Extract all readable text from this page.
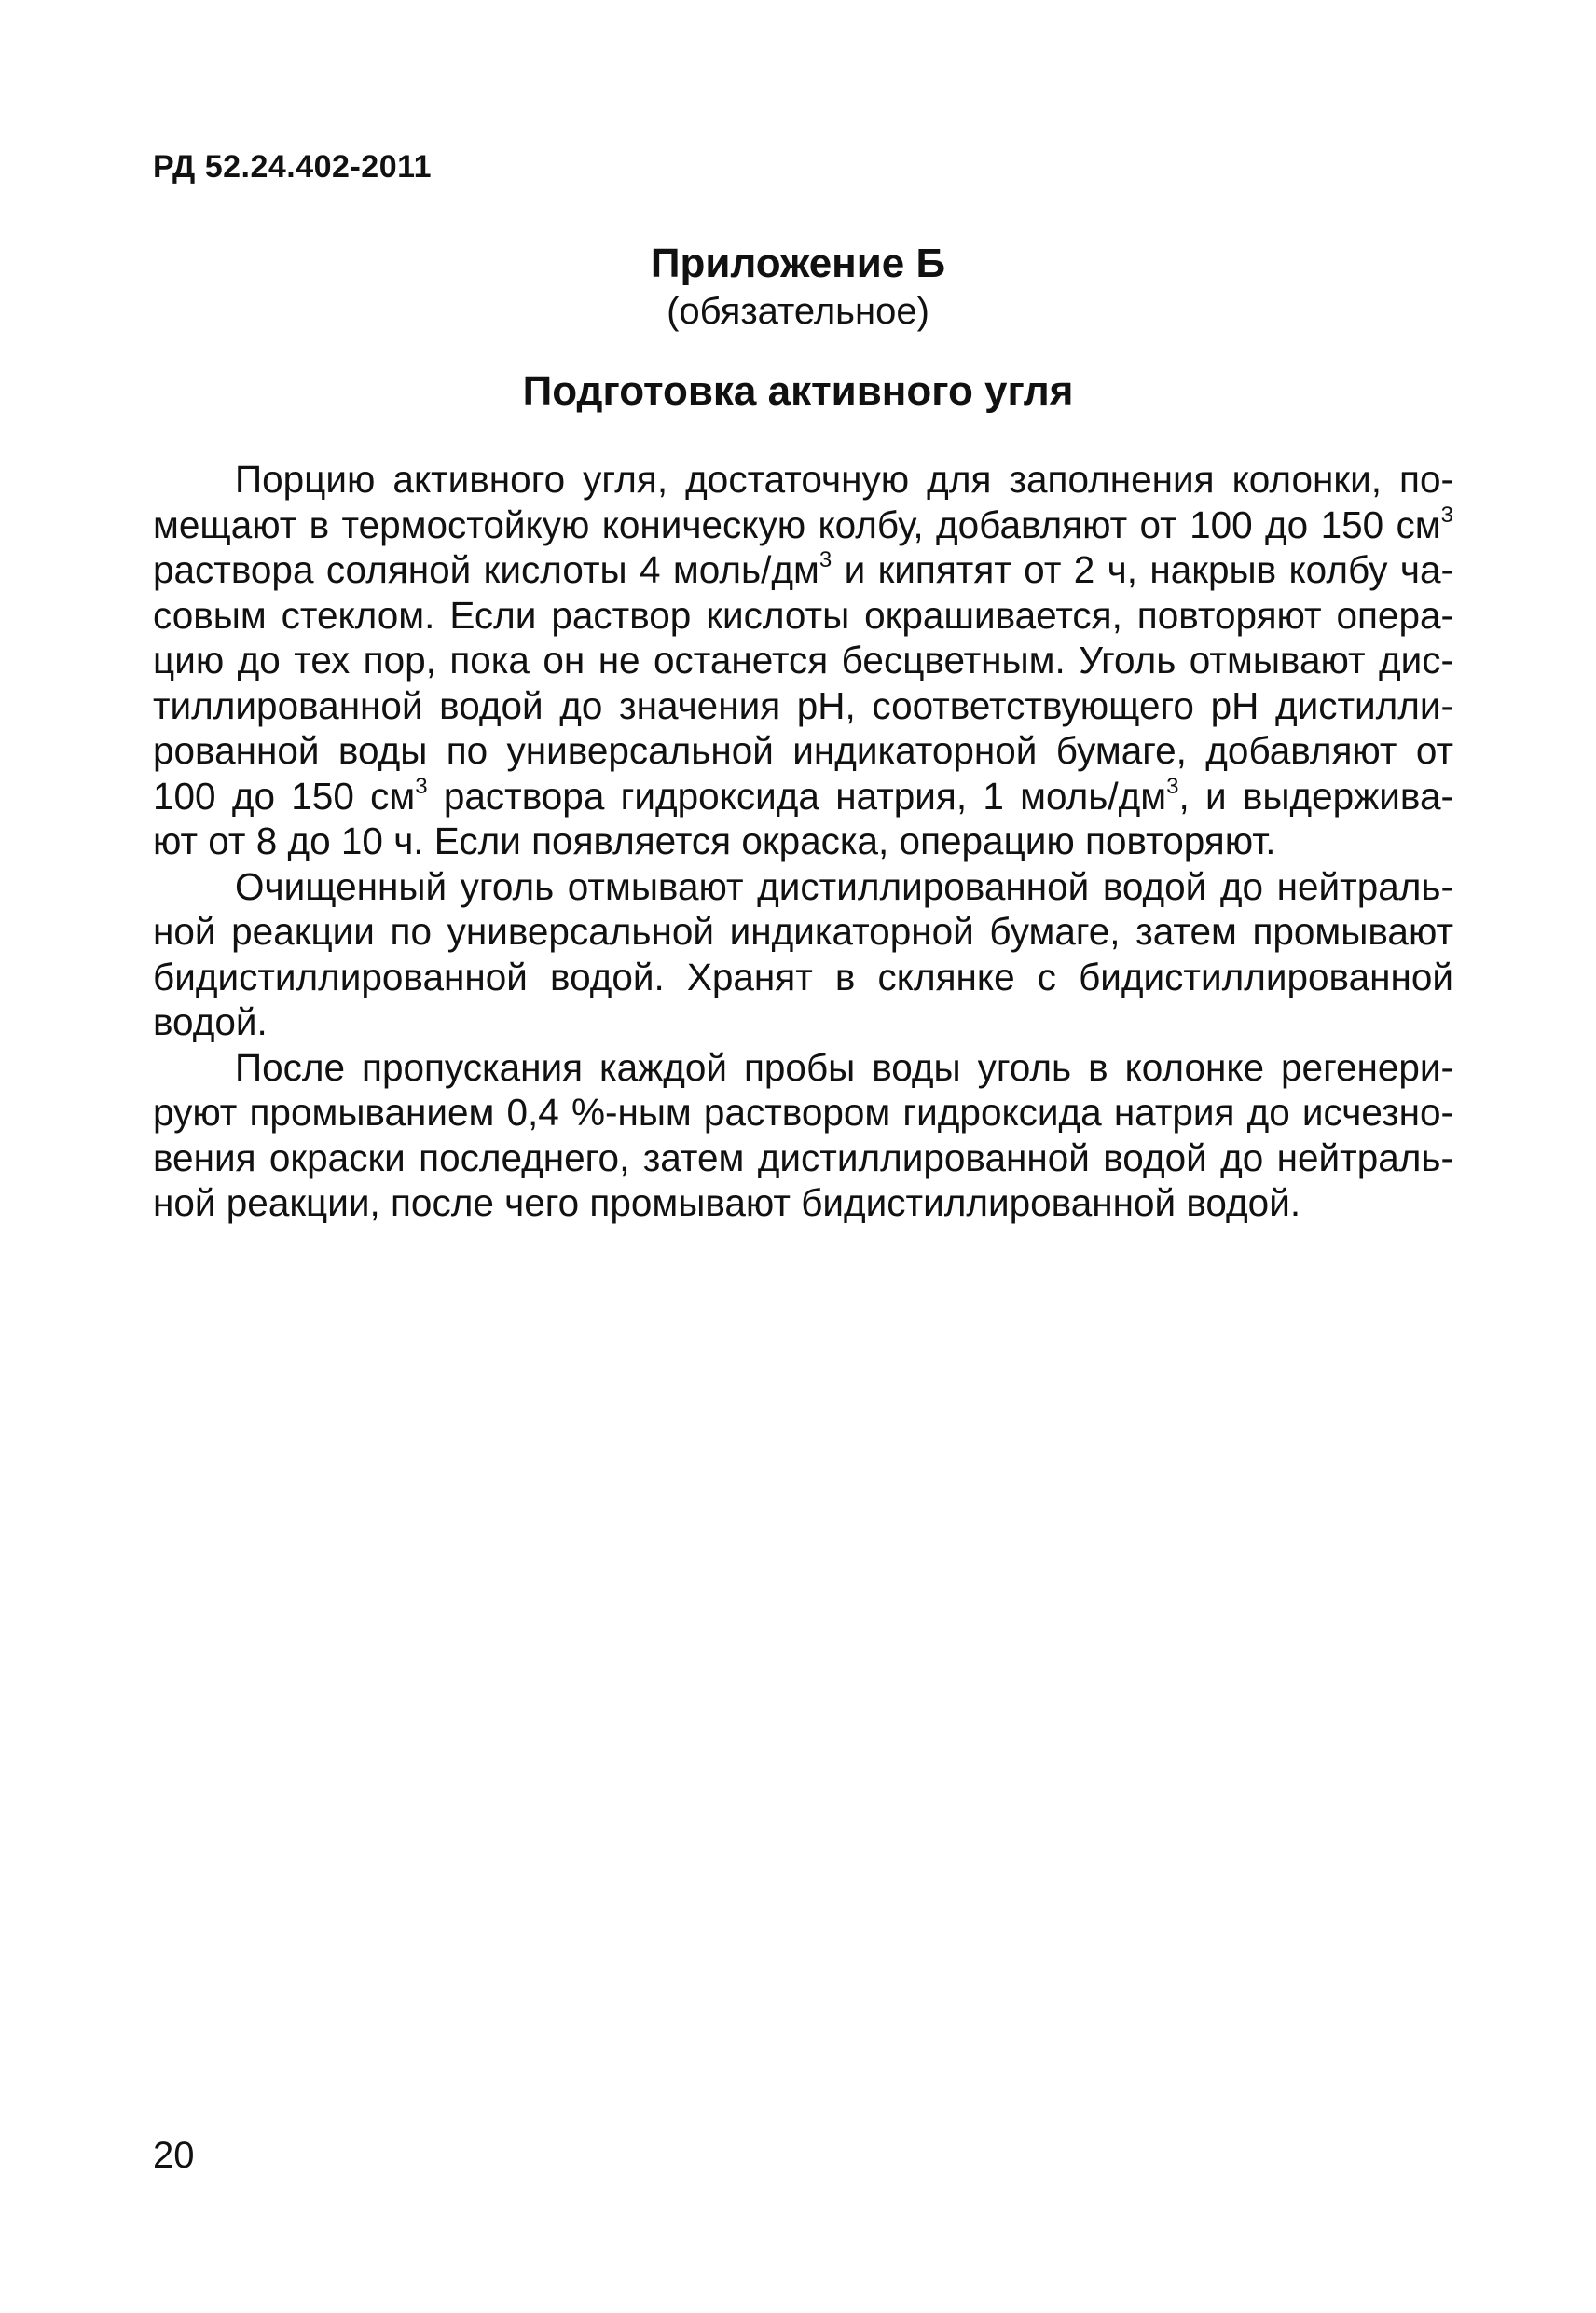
РД 52.24.402-2011
Приложение Б
(обязательное)
Подготовка активного угля
Порцию активного угля, достаточную для заполнения колонки, по-
мещают в термостойкую коническую колбу, добавляют от 100 до 150 $см^3$
раствора соляной кислоты 4 моль/$дм^3$ и кипятят от 2 ч, накрыв колбу ча-
совым стеклом. Если раствор кислоты окрашивается, повторяют опера-
цию до тех пор, пока он не останется бесцветным. Уголь отмывают дис-
тиллированной водой до значения рН, соответствующего рН дистилли-
рованной воды по универсальной индикаторной бумаге, добавляют от
100 до 150 $см^3$ раствора гидроксида натрия, 1 моль/$дм^3$, и выдержива-
ют от 8 до 10 ч. Если появляется окраска, операцию повторяют.
Очищенный уголь отмывают дистиллированной водой до нейтраль-
ной реакции по универсальной индикаторной бумаге, затем промывают
бидистиллированной водой. Хранят в склянке с бидистиллированной
водой.
После пропускания каждой пробы воды уголь в колонке регенери-
руют промыванием 0,4 %-ным раствором гидроксида натрия до исчезно-
вения окраски последнего, затем дистиллированной водой до нейтраль-
ной реакции, после чего промывают бидистиллированной водой.
20
